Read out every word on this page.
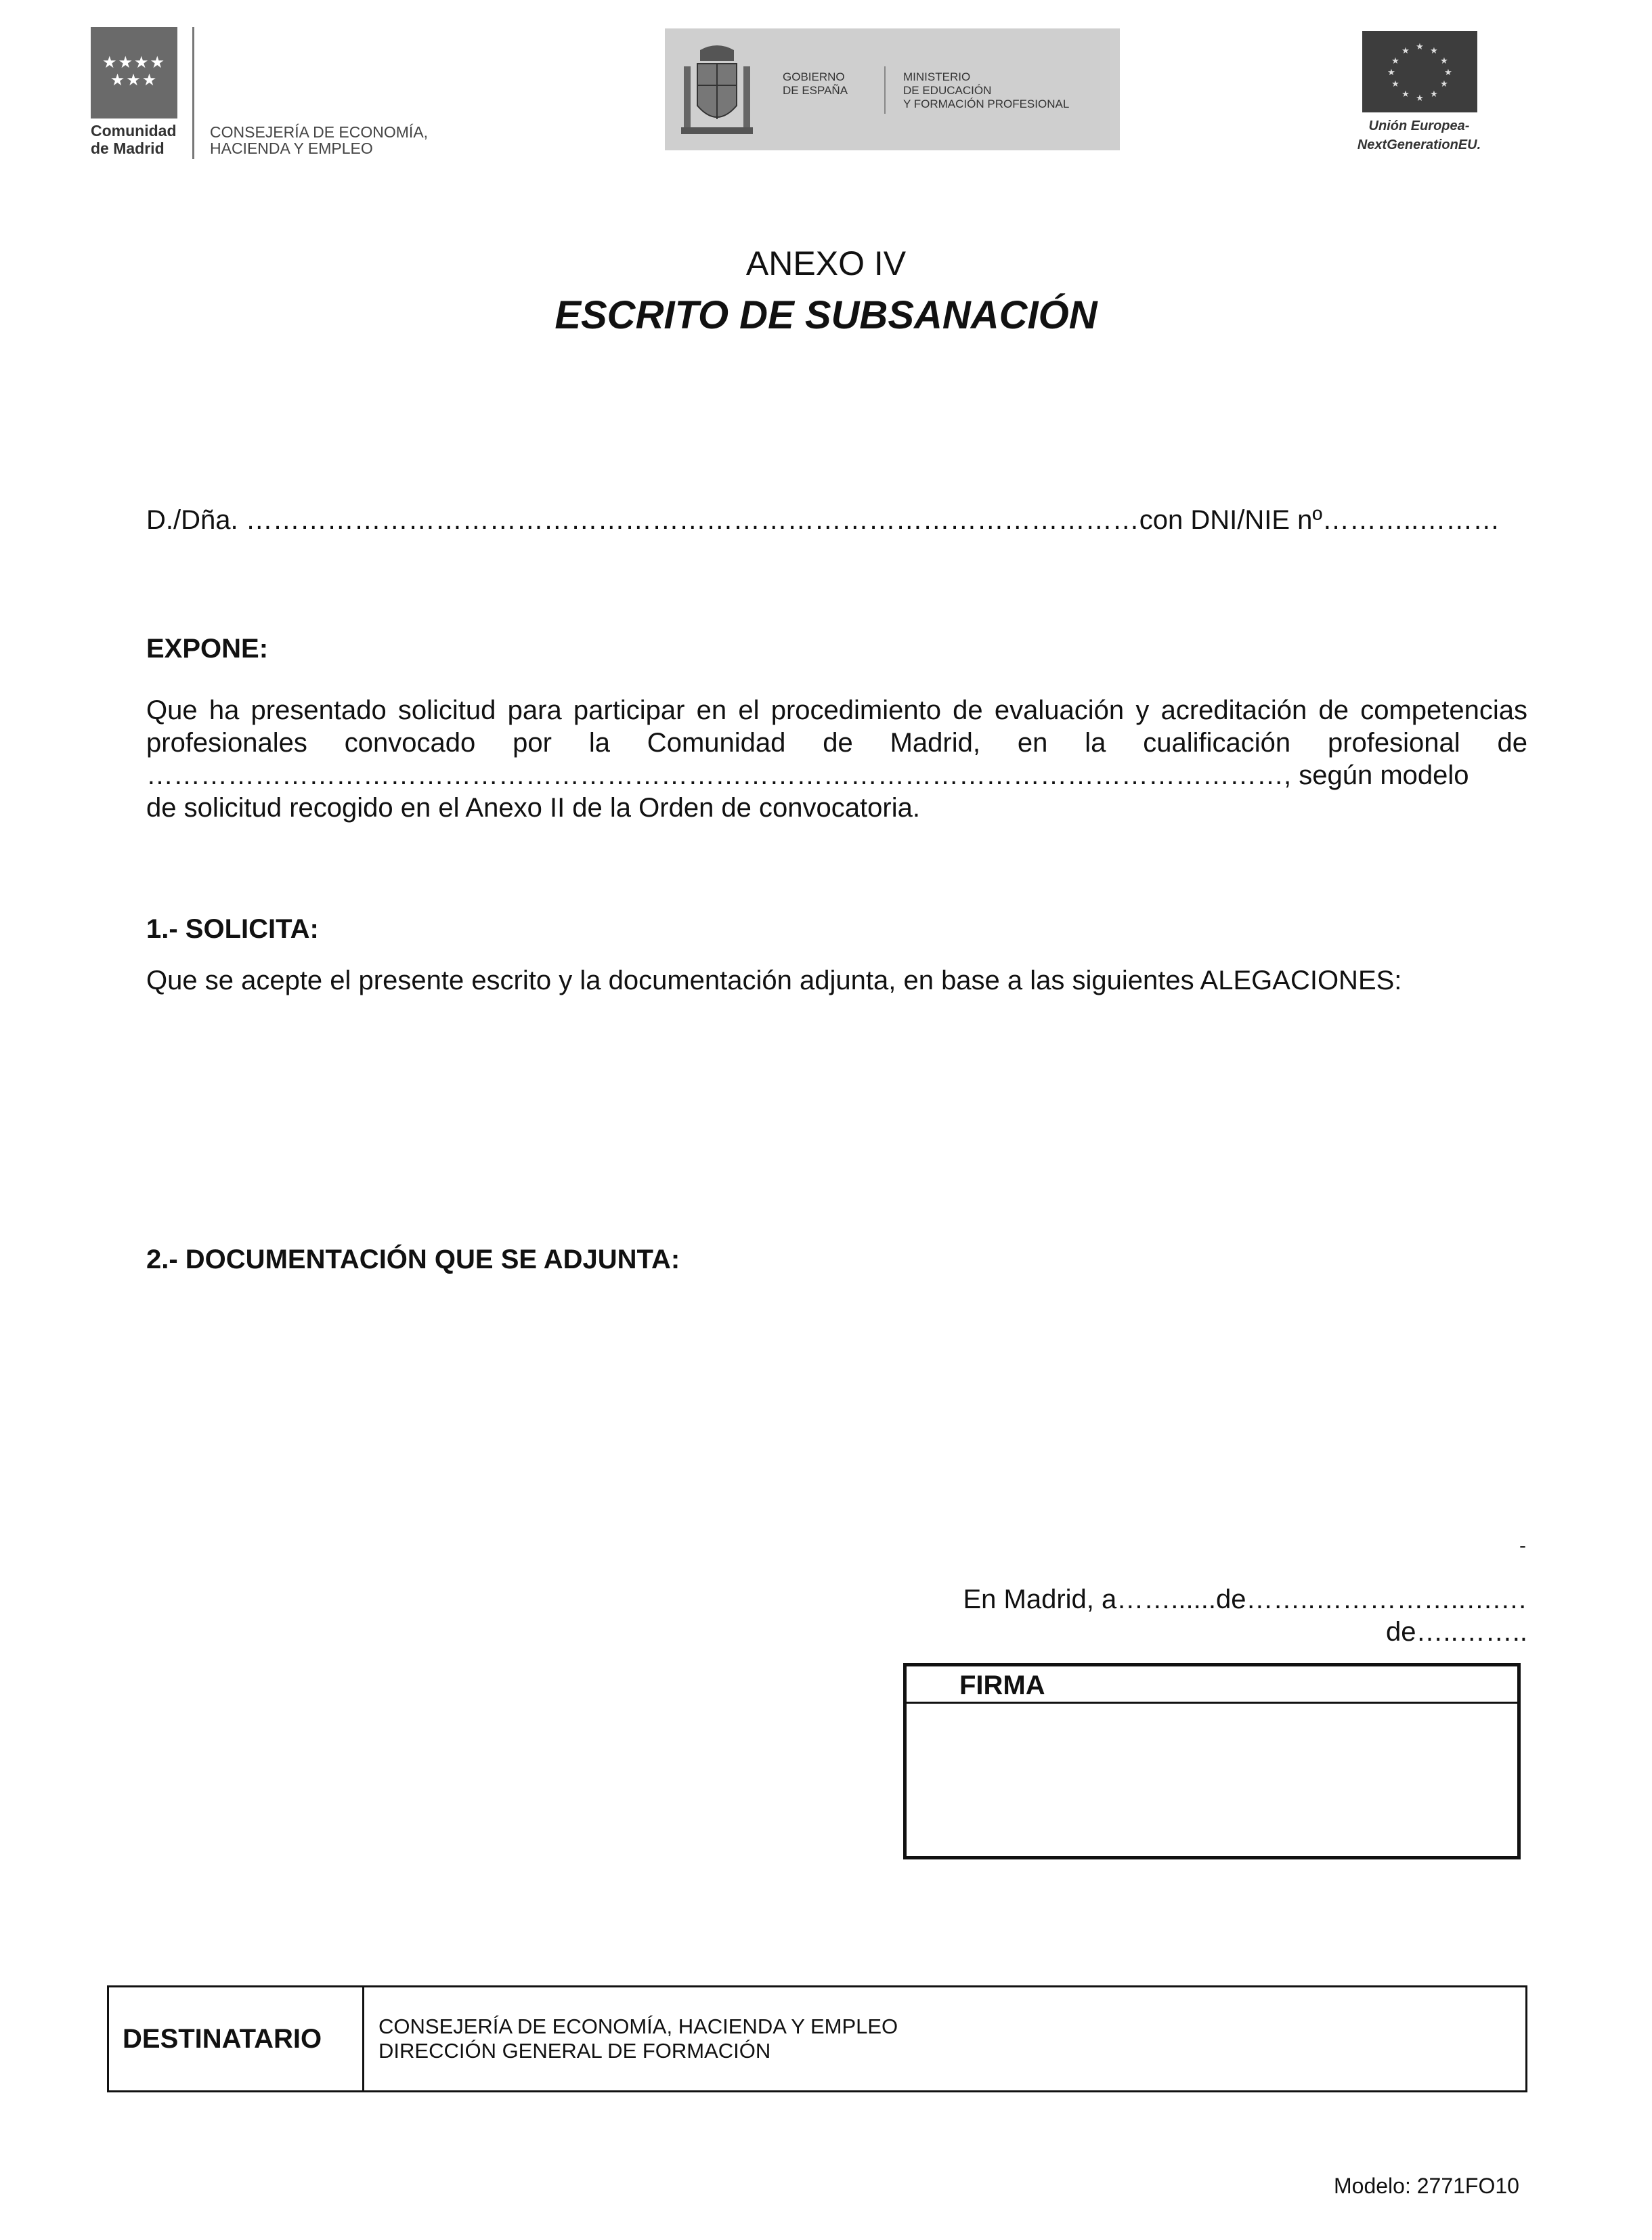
★★★★
★★★
Comunidad
de Madrid
CONSEJERÍA DE ECONOMÍA,
HACIENDA Y EMPLEO
GOBIERNO
DE ESPAÑA
MINISTERIO
DE EDUCACIÓN
Y FORMACIÓN PROFESIONAL
★ ★
★
★
★
★
★
★
★
★
★
★
Unión Europea-
NextGenerationEU.
ANEXO IV
ESCRITO DE SUBSANACIÓN
D./Dña. ………………………………………………………………………………………con DNI/NIE nº………..………
EXPONE:
Que ha presentado solicitud para participar en el procedimiento de evaluación y acreditación de competencias
profesionales convocado por la Comunidad de Madrid, en la cualificación profesional de
………………………………………………………………………………………………………………, según modelo
de solicitud recogido en el Anexo II de la Orden de convocatoria.
1.- SOLICITA:
Que se acepte el presente escrito y la documentación adjunta, en base a las siguientes ALEGACIONES:
2.- DOCUMENTACIÓN QUE SE ADJUNTA:
-
En Madrid, a……......de……..……………..….… de…..……..
FIRMA
DESTINATARIO	CONSEJERÍA DE ECONOMÍA, HACIENDA Y EMPLEO
DIRECCIÓN GENERAL DE FORMACIÓN
Modelo: 2771FO10
